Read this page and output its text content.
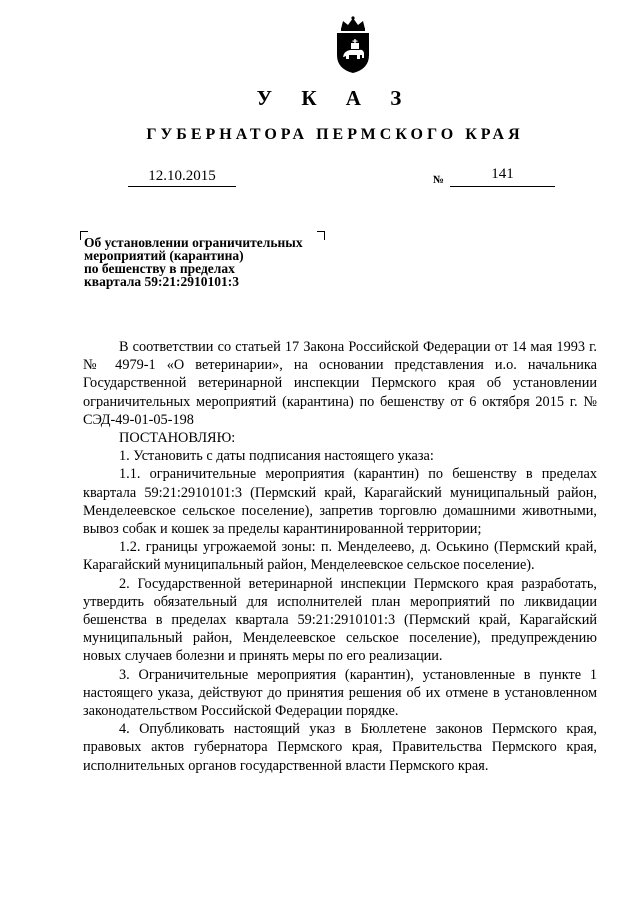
У К А З
ГУБЕРНАТОРА ПЕРМСКОГО КРАЯ
12.10.2015	№	141
Об установлении ограничительных
мероприятий (карантина)
по бешенству в пределах
квартала 59:21:2910101:3

В соответствии со статьей 17 Закона Российской Федерации от 14 мая 1993 г. № 4979-1 «О ветеринарии», на основании представления и.о. начальника Государственной ветеринарной инспекции Пермского края об установлении ограничительных мероприятий (карантина) по бешенству от 6 октября 2015 г. № СЭД-49-01-05-198

ПОСТАНОВЛЯЮ:

1. Установить с даты подписания настоящего указа:

1.1. ограничительные мероприятия (карантин) по бешенству в пределах квартала 59:21:2910101:3 (Пермский край, Карагайский муниципальный район, Менделеевское сельское поселение), запретив торговлю домашними животными, вывоз собак и кошек за пределы карантинированной территории;

1.2. границы угрожаемой зоны: п. Менделеево, д. Оськино (Пермский край, Карагайский муниципальный район, Менделеевское сельское поселение).

2. Государственной ветеринарной инспекции Пермского края разработать, утвердить обязательный для исполнителей план мероприятий по ликвидации бешенства в пределах квартала 59:21:2910101:3 (Пермский край, Карагайский муниципальный район, Менделеевское сельское поселение), предупреждению новых случаев болезни и принять меры по его реализации.

3. Ограничительные мероприятия (карантин), установленные в пункте 1 настоящего указа, действуют до принятия решения об их отмене в установленном законодательством Российской Федерации порядке.

4. Опубликовать настоящий указ в Бюллетене законов Пермского края, правовых актов губернатора Пермского края, Правительства Пермского края, исполнительных органов государственной власти Пермского края.
